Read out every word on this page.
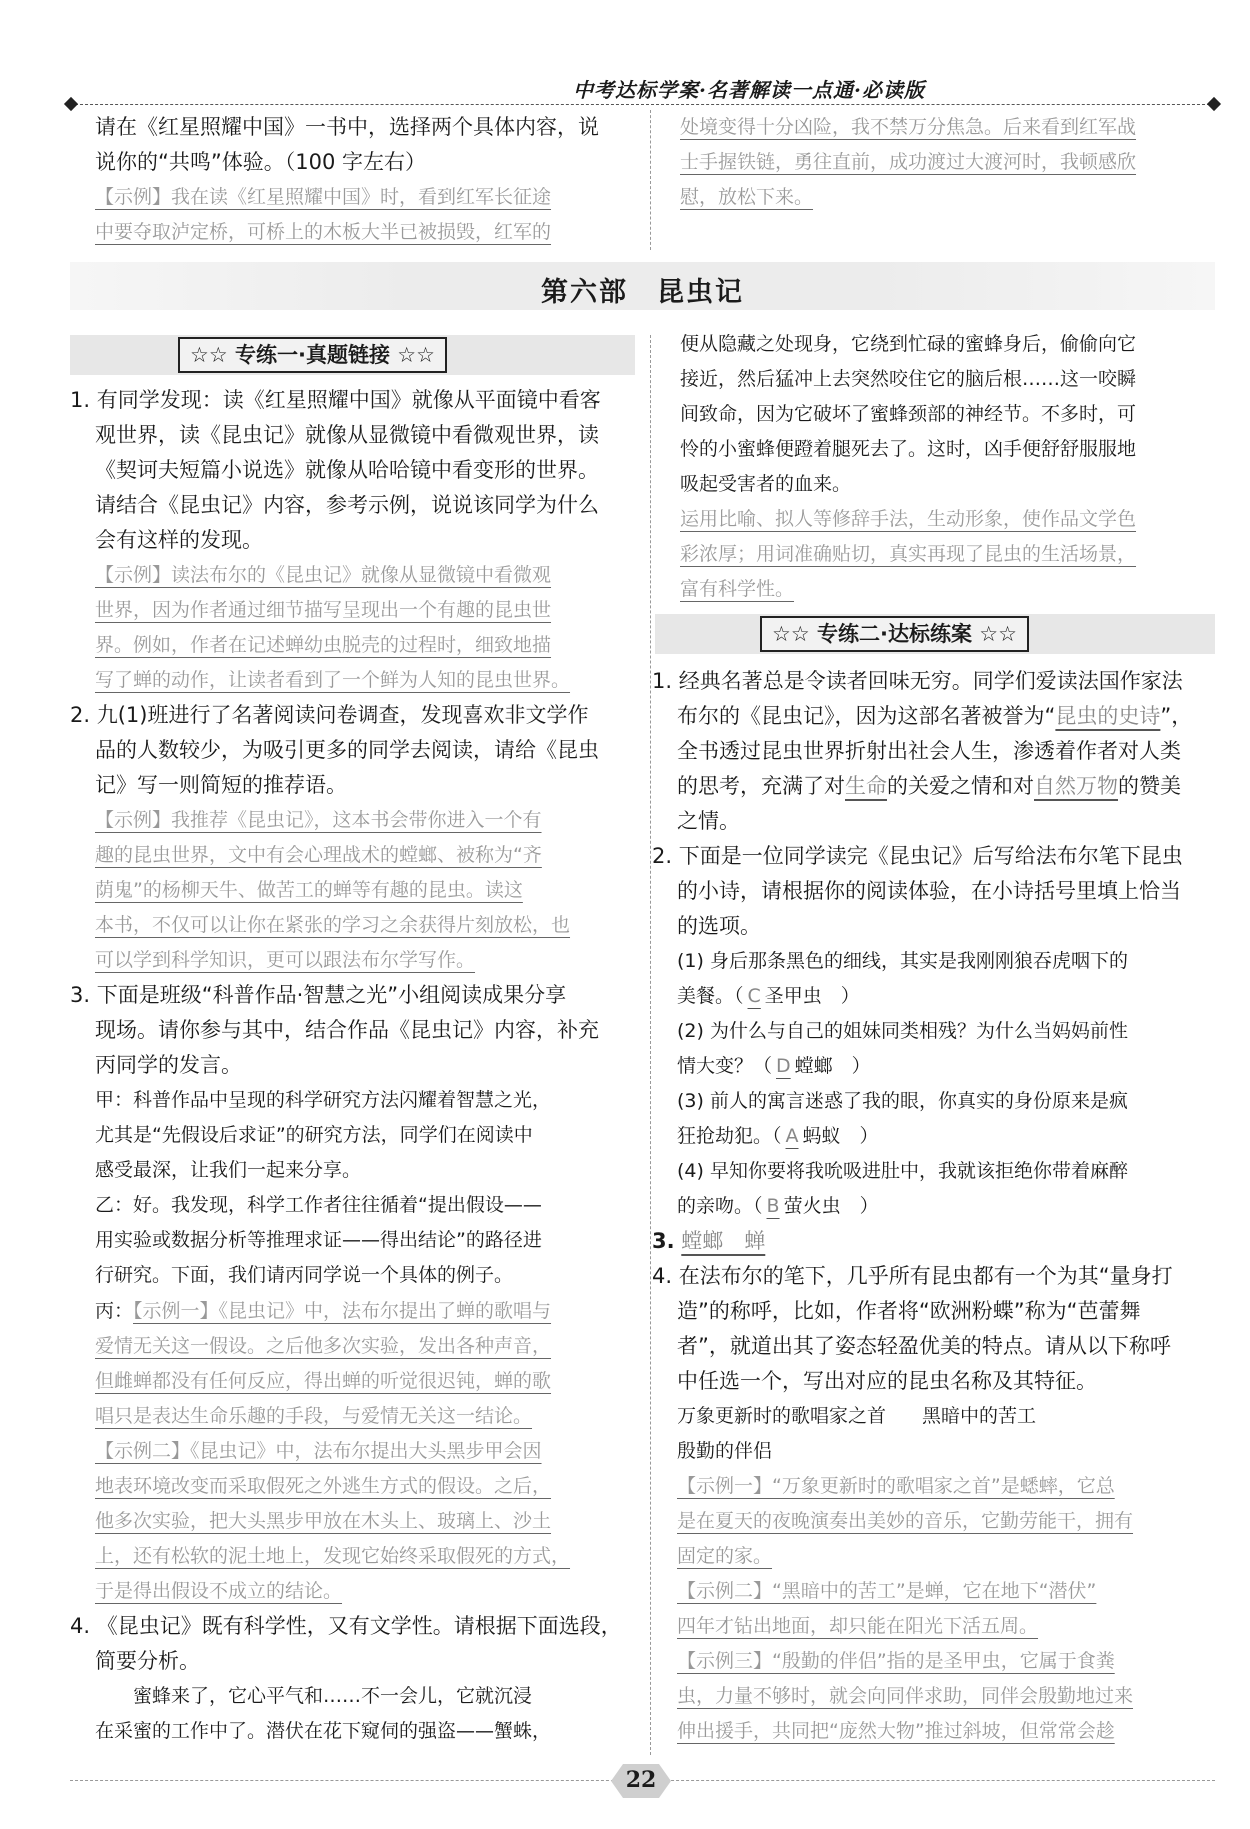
中考达标学案·名著解读一点通·必读版
请在《红星照耀中国》一书中，选择两个具体内容，说
说你的“共鸣”体验。（100 字左右）
【示例】我在读《红星照耀中国》时，看到红军长征途
中要夺取泸定桥，可桥上的木板大半已被损毁，红军的
处境变得十分凶险，我不禁万分焦急。后来看到红军战
士手握铁链，勇往直前，成功渡过大渡河时，我顿感欣
慰，放松下来。
第六部　昆虫记
☆☆ 专练一·真题链接 ☆☆
1. 有同学发现：读《红星照耀中国》就像从平面镜中看客
观世界，读《昆虫记》就像从显微镜中看微观世界，读
《契诃夫短篇小说选》就像从哈哈镜中看变形的世界。
请结合《昆虫记》内容，参考示例，说说该同学为什么
会有这样的发现。
【示例】读法布尔的《昆虫记》就像从显微镜中看微观
世界，因为作者通过细节描写呈现出一个有趣的昆虫世
界。例如，作者在记述蝉幼虫脱壳的过程时，细致地描
写了蝉的动作，让读者看到了一个鲜为人知的昆虫世界。
2. 九(1)班进行了名著阅读问卷调查，发现喜欢非文学作
品的人数较少，为吸引更多的同学去阅读，请给《昆虫
记》写一则简短的推荐语。
【示例】我推荐《昆虫记》，这本书会带你进入一个有
趣的昆虫世界，文中有会心理战术的螳螂、被称为“齐
荫鬼”的杨柳天牛、做苦工的蝉等有趣的昆虫。读这
本书，不仅可以让你在紧张的学习之余获得片刻放松，也
可以学到科学知识，更可以跟法布尔学写作。
3. 下面是班级“科普作品·智慧之光”小组阅读成果分享
现场。请你参与其中，结合作品《昆虫记》内容，补充
丙同学的发言。
甲：科普作品中呈现的科学研究方法闪耀着智慧之光，
尤其是“先假设后求证”的研究方法，同学们在阅读中
感受最深，让我们一起来分享。
乙：好。我发现，科学工作者往往循着“提出假设——
用实验或数据分析等推理求证——得出结论”的路径进
行研究。下面，我们请丙同学说一个具体的例子。
丙：【示例一】《昆虫记》中，法布尔提出了蝉的歌唱与
爱情无关这一假设。之后他多次实验，发出各种声音，
但雌蝉都没有任何反应，得出蝉的听觉很迟钝，蝉的歌
唱只是表达生命乐趣的手段，与爱情无关这一结论。
【示例二】《昆虫记》中，法布尔提出大头黑步甲会因
地表环境改变而采取假死之外逃生方式的假设。之后，
他多次实验，把大头黑步甲放在木头上、玻璃上、沙土
上，还有松软的泥土地上，发现它始终采取假死的方式，
于是得出假设不成立的结论。
4. 《昆虫记》既有科学性，又有文学性。请根据下面选段，
简要分析。
　　蜜蜂来了，它心平气和……不一会儿，它就沉浸
在采蜜的工作中了。潜伏在花下窥伺的强盗——蟹蛛，
便从隐藏之处现身，它绕到忙碌的蜜蜂身后，偷偷向它
接近，然后猛冲上去突然咬住它的脑后根……这一咬瞬
间致命，因为它破坏了蜜蜂颈部的神经节。不多时，可
怜的小蜜蜂便蹬着腿死去了。这时，凶手便舒舒服服地
吸起受害者的血来。
运用比喻、拟人等修辞手法，生动形象，使作品文学色
彩浓厚；用词准确贴切，真实再现了昆虫的生活场景，
富有科学性。
☆☆ 专练二·达标练案 ☆☆
1. 经典名著总是令读者回味无穷。同学们爱读法国作家法
布尔的《昆虫记》，因为这部名著被誉为“昆虫的史诗”，
全书透过昆虫世界折射出社会人生，渗透着作者对人类
的思考，充满了对生命的关爱之情和对自然万物的赞美
之情。
2. 下面是一位同学读完《昆虫记》后写给法布尔笔下昆虫
的小诗，请根据你的阅读体验，在小诗括号里填上恰当
的选项。
(1) 身后那条黑色的细线，其实是我刚刚狼吞虎咽下的
美餐。（ C 圣甲虫　）
(2) 为什么与自己的姐妹同类相残？为什么当妈妈前性
情大变？（ D 螳螂　）
(3) 前人的寓言迷惑了我的眼，你真实的身份原来是疯
狂抢劫犯。（ A 蚂蚁　）
(4) 早知你要将我吮吸进肚中，我就该拒绝你带着麻醉
的亲吻。（ B 萤火虫　）
3. 螳螂　蝉
4. 在法布尔的笔下，几乎所有昆虫都有一个为其“量身打
造”的称呼，比如，作者将“欧洲粉蝶”称为“芭蕾舞
者”，就道出其了姿态轻盈优美的特点。请从以下称呼
中任选一个，写出对应的昆虫名称及其特征。
万象更新时的歌唱家之首 黑暗中的苦工
殷勤的伴侣
【示例一】“万象更新时的歌唱家之首”是蟋蟀，它总
是在夏天的夜晚演奏出美妙的音乐，它勤劳能干，拥有
固定的家。
【示例二】“黑暗中的苦工”是蝉，它在地下“潜伏”
四年才钻出地面，却只能在阳光下活五周。
【示例三】“殷勤的伴侣”指的是圣甲虫，它属于食粪
虫，力量不够时，就会向同伴求助，同伴会殷勤地过来
伸出援手，共同把“庞然大物”推过斜坡，但常常会趁
22
